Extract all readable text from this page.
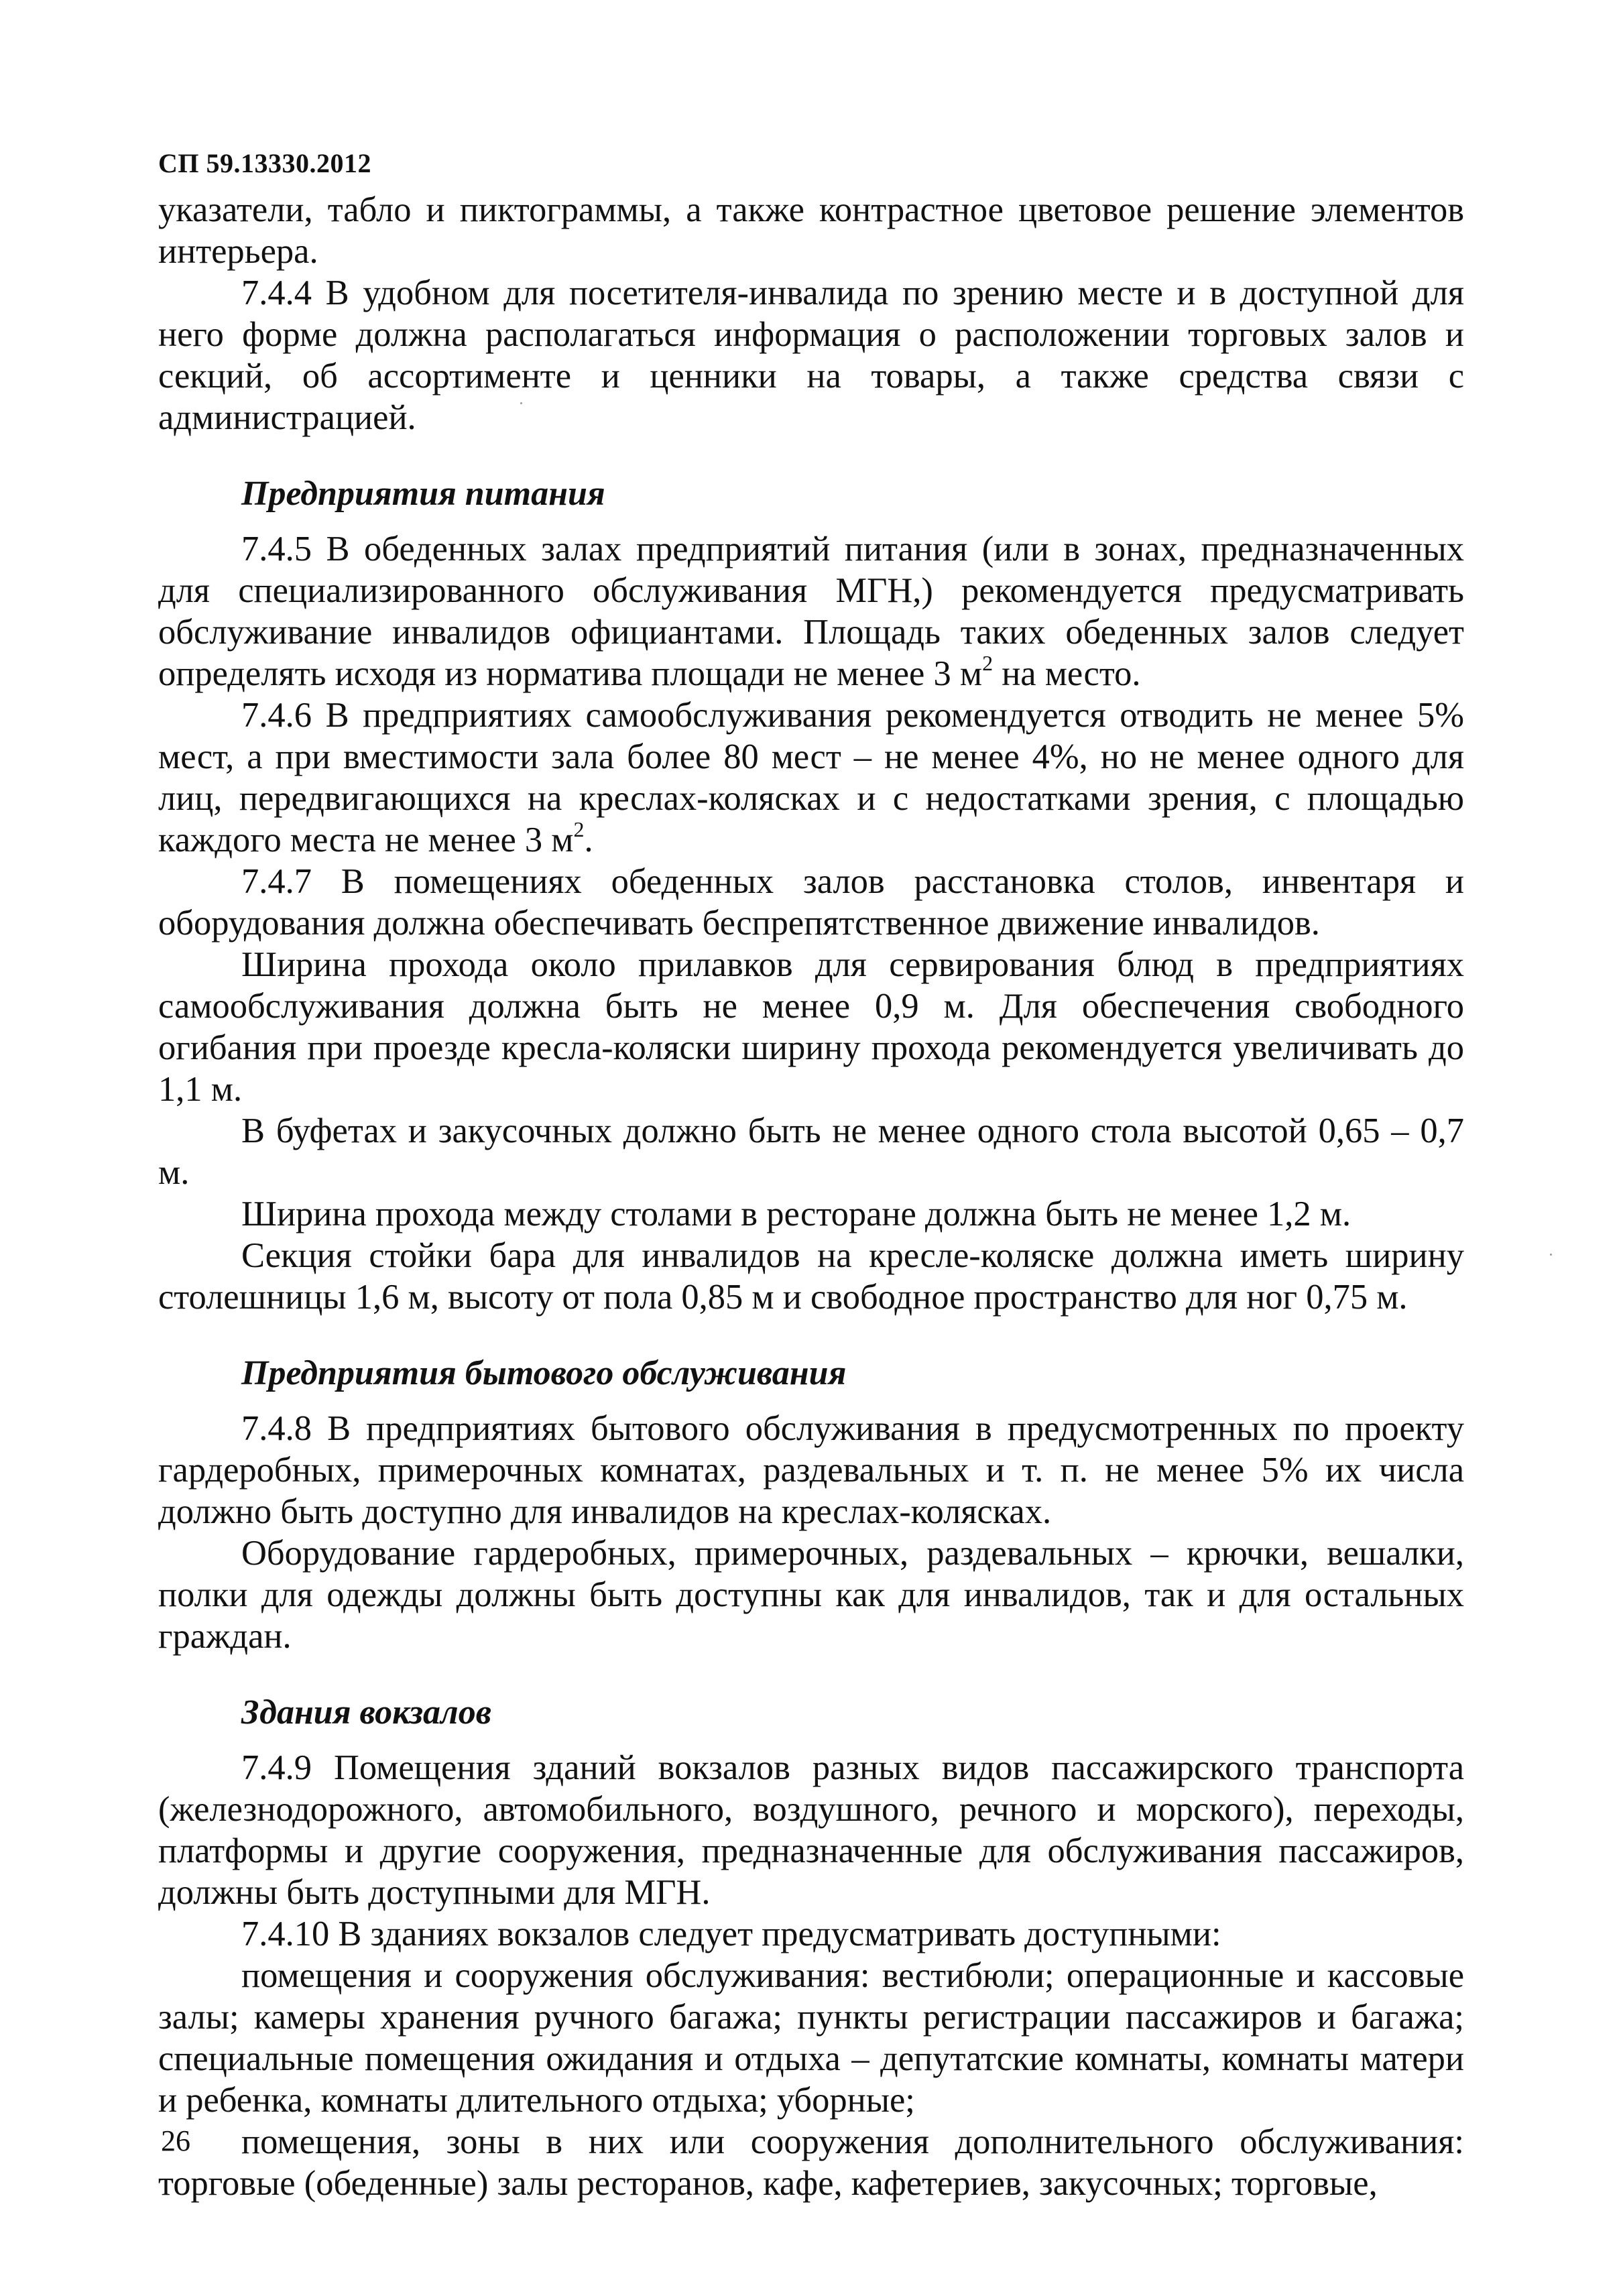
СП 59.13330.2012

указатели, табло и пиктограммы, а также контрастное цветовое решение элементов интерьера.

7.4.4 В удобном для посетителя-инвалида по зрению месте и в доступной для него форме должна располагаться информация о расположении торговых залов и секций, об ассортименте и ценники на товары, а также средства связи с администрацией.

Предприятия питания

7.4.5 В обеденных залах предприятий питания (или в зонах, предназначенных для специализированного обслуживания МГН,) рекомендуется предусматривать обслуживание инвалидов официантами. Площадь таких обеденных залов следует определять исходя из норматива площади не менее 3 $м^2$ на место.

7.4.6 В предприятиях самообслуживания рекомендуется отводить не менее 5% мест, а при вместимости зала более 80 мест – не менее 4%, но не менее одного для лиц, передвигающихся на креслах-колясках и с недостатками зрения, с площадью каждого места не менее 3 $м^2$.

7.4.7 В помещениях обеденных залов расстановка столов, инвентаря и оборудования должна обеспечивать беспрепятственное движение инвалидов.

Ширина прохода около прилавков для сервирования блюд в предприятиях самообслуживания должна быть не менее 0,9 м. Для обеспечения свободного огибания при проезде кресла-коляски ширину прохода рекомендуется увеличивать до 1,1 м.

В буфетах и закусочных должно быть не менее одного стола высотой 0,65 – 0,7 м.

Ширина прохода между столами в ресторане должна быть не менее 1,2 м.

Секция стойки бара для инвалидов на кресле-коляске должна иметь ширину столешницы 1,6 м, высоту от пола 0,85 м и свободное пространство для ног 0,75 м.

Предприятия бытового обслуживания

7.4.8 В предприятиях бытового обслуживания в предусмотренных по проекту гардеробных, примерочных комнатах, раздевальных и т. п. не менее 5% их числа должно быть доступно для инвалидов на креслах-колясках.

Оборудование гардеробных, примерочных, раздевальных – крючки, вешалки, полки для одежды должны быть доступны как для инвалидов, так и для остальных граждан.

Здания вокзалов

7.4.9 Помещения зданий вокзалов разных видов пассажирского транспорта (железнодорожного, автомобильного, воздушного, речного и морского), переходы, платформы и другие сооружения, предназначенные для обслуживания пассажиров, должны быть доступными для МГН.

7.4.10 В зданиях вокзалов следует предусматривать доступными:

помещения и сооружения обслуживания: вестибюли; операционные и кассовые залы; камеры хранения ручного багажа; пункты регистрации пассажиров и багажа; специальные помещения ожидания и отдыха – депутатские комнаты, комнаты матери и ребенка, комнаты длительного отдыха; уборные;

помещения, зоны в них или сооружения дополнительного обслуживания: торговые (обеденные) залы ресторанов, кафе, кафетериев, закусочных; торговые,

26
